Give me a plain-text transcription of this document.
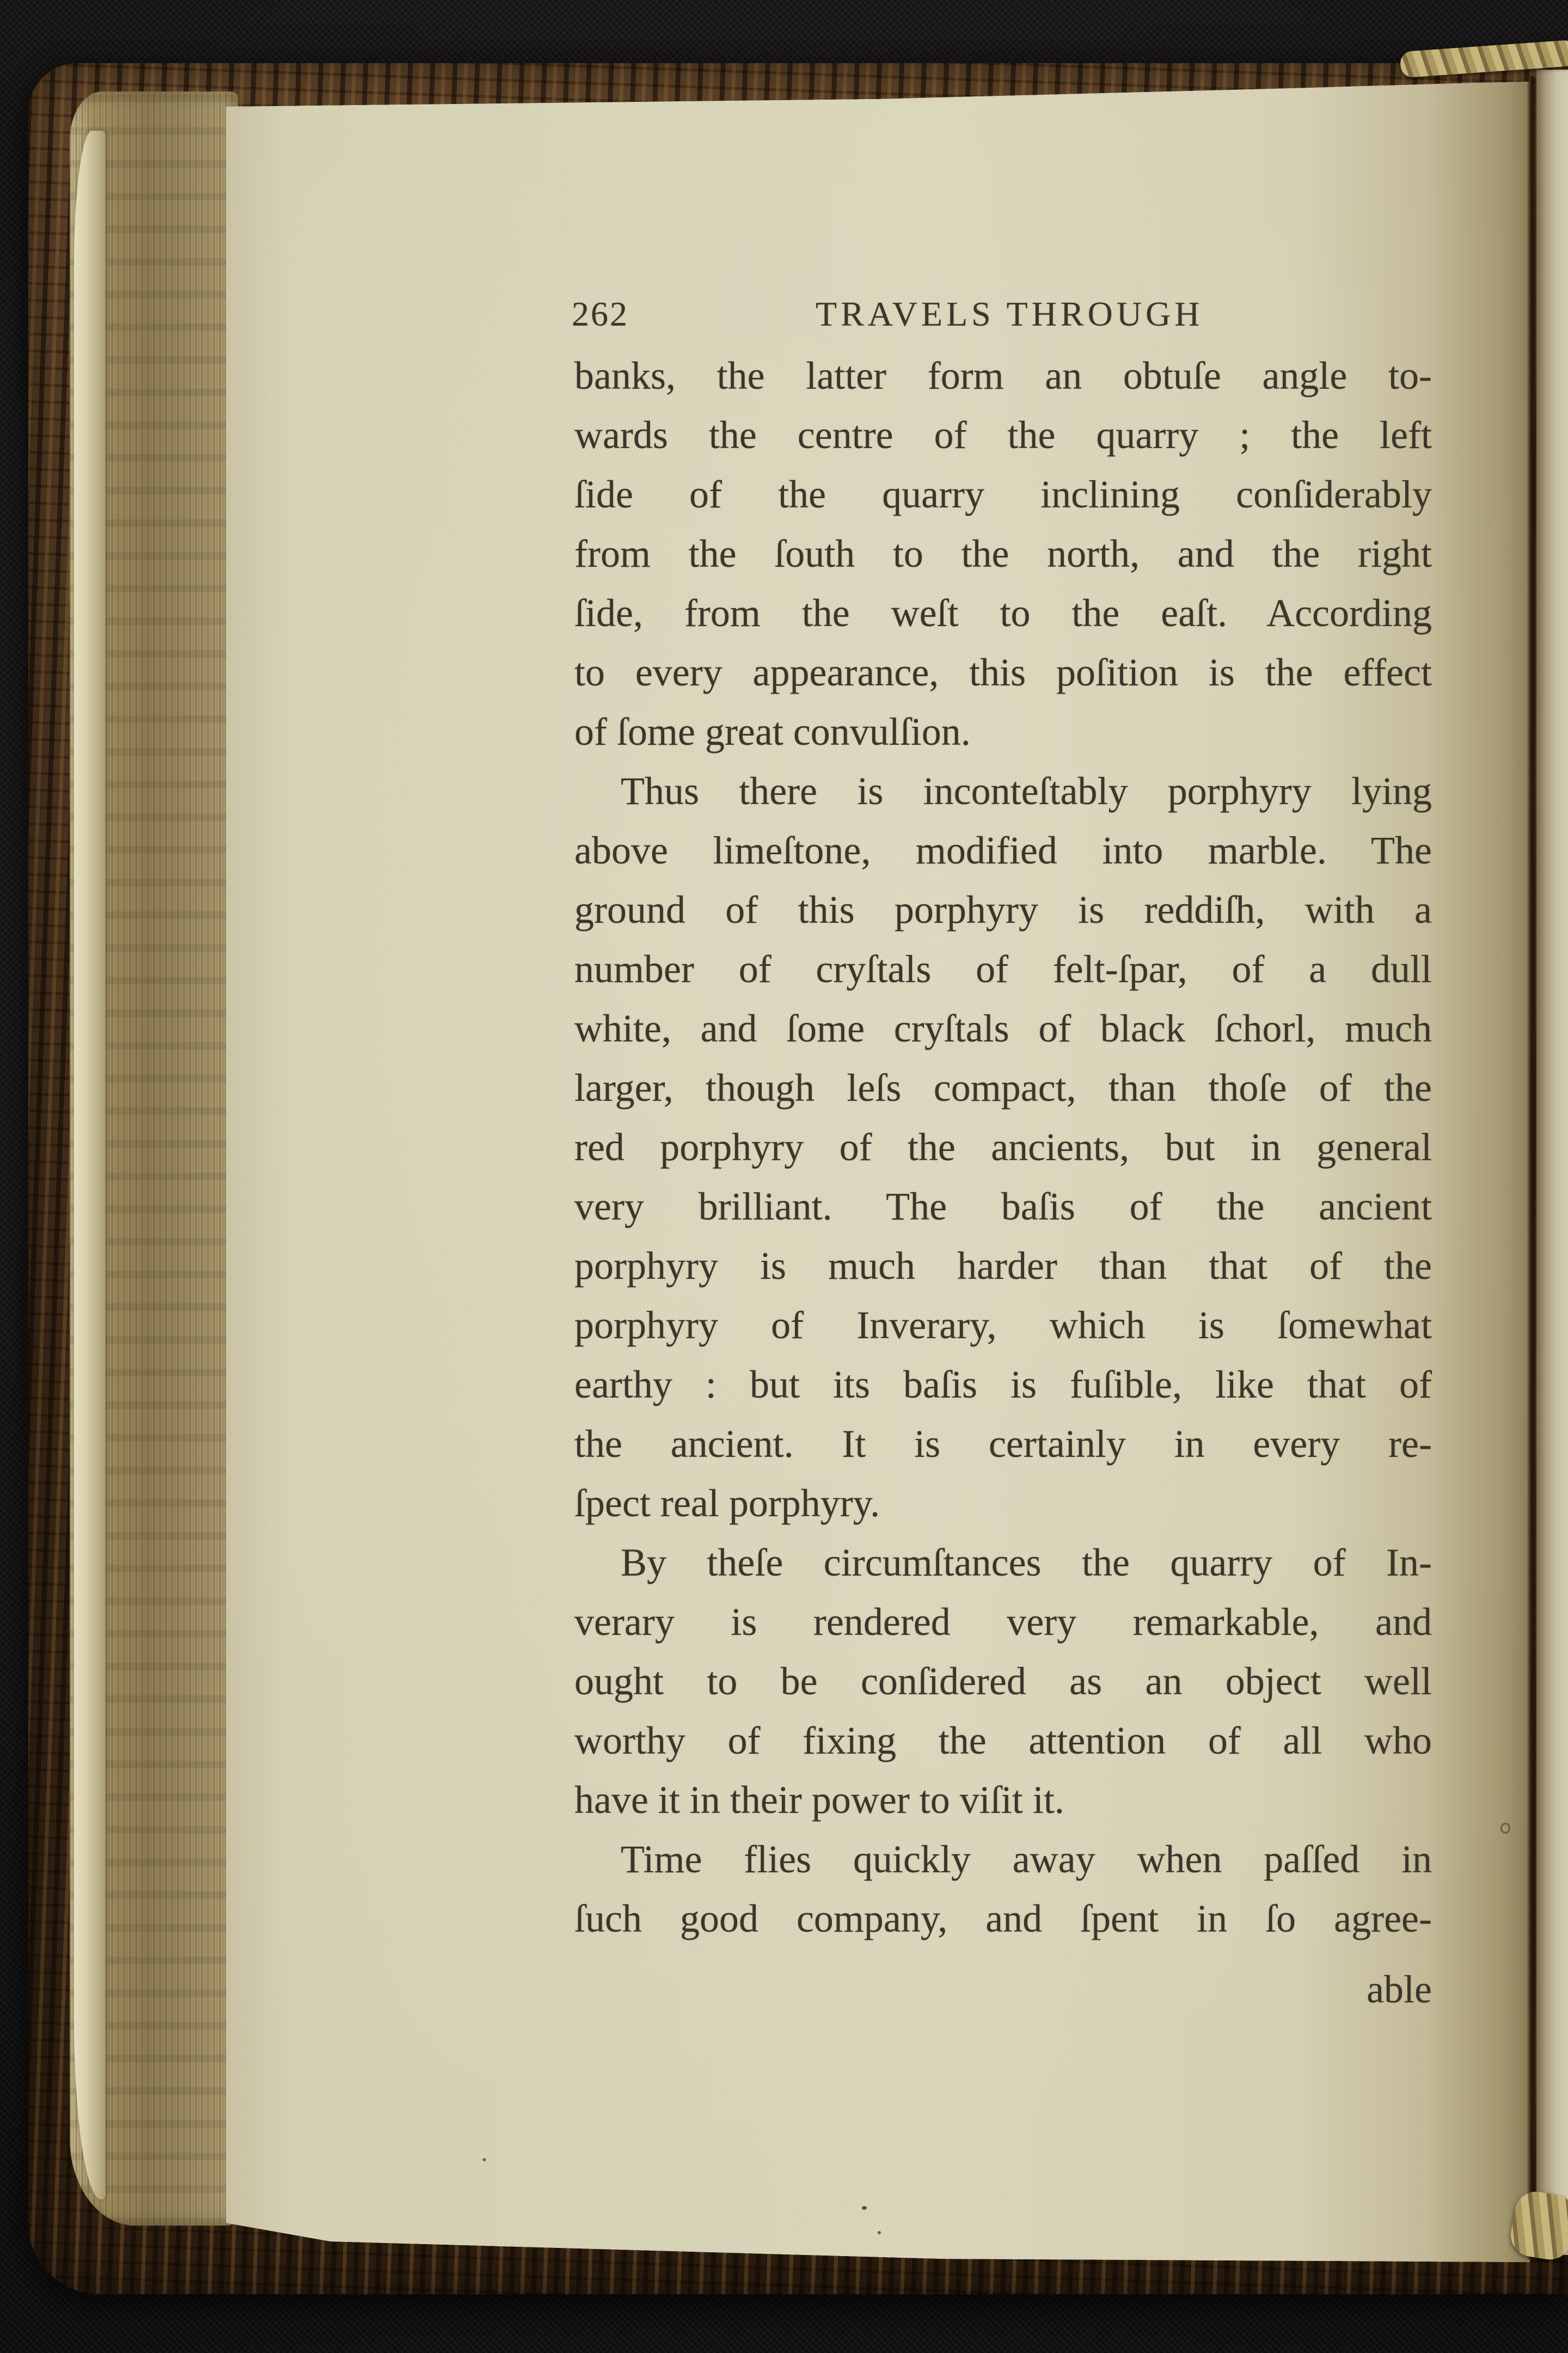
262	TRAVELS THROUGH
banks, the latter form an obtuſe angle to-
wards the centre of the quarry ; the left
ſide of the quarry inclining conſiderably
from the ſouth to the north, and the right
ſide, from the weſt to the eaſt. According
to every appearance, this poſition is the effect
of ſome great convulſion.
Thus there is inconteſtably porphyry lying
above limeſtone, modified into marble. The
ground of this porphyry is reddiſh, with a
number of cryſtals of felt-ſpar, of a dull
white, and ſome cryſtals of black ſchorl, much
larger, though leſs compact, than thoſe of the
red porphyry of the ancients, but in general
very brilliant. The baſis of the ancient
porphyry is much harder than that of the
porphyry of Inverary, which is ſomewhat
earthy : but its baſis is fuſible, like that of
the ancient. It is certainly in every re-
ſpect real porphyry.
By theſe circumſtances the quarry of In-
verary is rendered very remarkable, and
ought to be conſidered as an object well
worthy of fixing the attention of all who
have it in their power to viſit it.
Time flies quickly away when paſſed in
ſuch good company, and ſpent in ſo agree-
able
